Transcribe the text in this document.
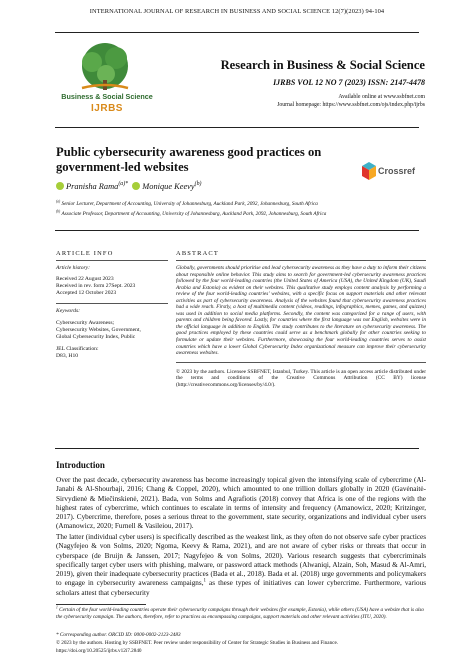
INTERNATIONAL JOURNAL OF RESEARCH IN BUSINESS AND SOCIAL SCIENCE 12(7)(2023) 94-104
Business & Social Science
IJRBS
Research in Business & Social Science
IJRBS VOL 12 NO 7 (2023) ISSN: 2147-4478
Available online at www.ssbfnet.com
Journal homepage: https://www.ssbfnet.com/ojs/index.php/ijrbs
Public cybersecurity awareness good practices on government-led websites	Crossref
Pranisha Rama$^{(a)*}$ Monique Keevy$^{(b)}$
$^{(a)}$ Senior Lecturer, Department of Accounting, University of Johannesburg, Auckland Park, 2092, Johannesburg, South Africa
$^{(b)}$ Associate Professor, Department of Accounting, University of Johannesburg, Auckland Park, 2092, Johannesburg, South Africa
ARTICLE INFO
Article history:
Received 22 August 2023
Received in rev. form 27Sept. 2023
Accepted 12 October 2023
Keywords:
Cybersecurity Awareness;
Cybersecurity Websites, Government,
Global Cybersecurity Index, Public
JEL Classification:
D83, H10
ABSTRACT
Globally, governments should prioritise and lead cybersecurity awareness as they have a duty to inform their citizens about responsible online behavior. This study aims to search for government-led cybersecurity awareness practices followed by the four world-leading countries (the United States of America (USA), the United Kingdom (UK), Saudi Arabia and Estonia) as evident on their websites. This qualitative study employs content analysis by performing a review of the four world-leading countries' websites, with a specific focus on support materials and other relevant activities as part of cybersecurity awareness. Analysis of the websites found that cybersecurity awareness practices had a wide reach. Firstly, a host of multimedia content (videos, readings, infographics, memes, games, and quizzes) was used in addition to social media platforms. Secondly, the content was categorized for a range of users, with parents and children being favored. Lastly, for countries where the first language was not English, websites were in the official language in addition to English. The study contributes to the literature on cybersecurity awareness. The good practices employed by these countries could serve as a benchmark globally for other countries seeking to formulate or update their websites. Furthermore, showcasing the four world-leading countries serves to assist countries which have a lower Global Cybersecurity Index organizational measure can improve their cybersecurity awareness websites.
© 2023 by the authors. Licensee SSBFNET, Istanbul, Turkey. This article is an open access article distributed under the terms and conditions of the Creative Commons Attribution (CC BY) license (http://creativecommons.org/licenses/by/4.0/).
Introduction
Over the past decade, cybersecurity awareness has become increasingly topical given the intensifying scale of cybercrime (Al-Janabi & Al-Shourbaji, 2016; Chang & Coppel, 2020), which amounted to one trillion dollars globally in 2020 (Gavėnaitė-Sirvydienė & Miečinskienė, 2021). Bada, von Solms and Agrafiotis (2018) convey that Africa is one of the regions with the highest rates of cybercrime, which continues to escalate in terms of intensity and frequency (Amanowicz, 2020; Kritzinger, 2017). Cybercrime, therefore, poses a serious threat to the government, state security, organizations and individual cyber users (Amanowicz, 2020; Furnell & Vasileiou, 2017).
The latter (individual cyber users) is specifically described as the weakest link, as they often do not observe safe cyber practices (Nagyfejeo & von Solms, 2020; Ngoma, Keevy & Rama, 2021), and are not aware of cyber risks or threats that occur in cyberspace (de Bruijn & Janssen, 2017; Nagyfejeo & von Solms, 2020). Various research suggests that cybercriminals specifically target cyber users with phishing, malware, or password attack methods (Alwaniqi, Alzain, Soh, Masud & Al-Amri, 2019), given their inadequate cybersecurity practices (Bada et al., 2018). Bada et al. (2018) urge governments and policymakers to engage in cybersecurity awareness campaigns,$^1$ as these types of initiatives can lower cybercrime. Furthermore, various scholars attest that cybersecurity
$^1$ Certain of the four world-leading countries operate their cybersecurity campaigns through their websites (for example, Estonia), while others (USA) have a website that is also the cybersecurity campaign. The authors, therefore, refer to practices as encompassing campaigns, support materials and other relevant activities (ITU, 2020).
* Corresponding author. ORCID ID: 0000-0002-2123-2483
© 2023 by the authors. Hosting by SSBFNET. Peer review under responsibility of Center for Strategic Studies in Business and Finance.
https://doi.org/10.20525/ijrbs.v12i7.2840
